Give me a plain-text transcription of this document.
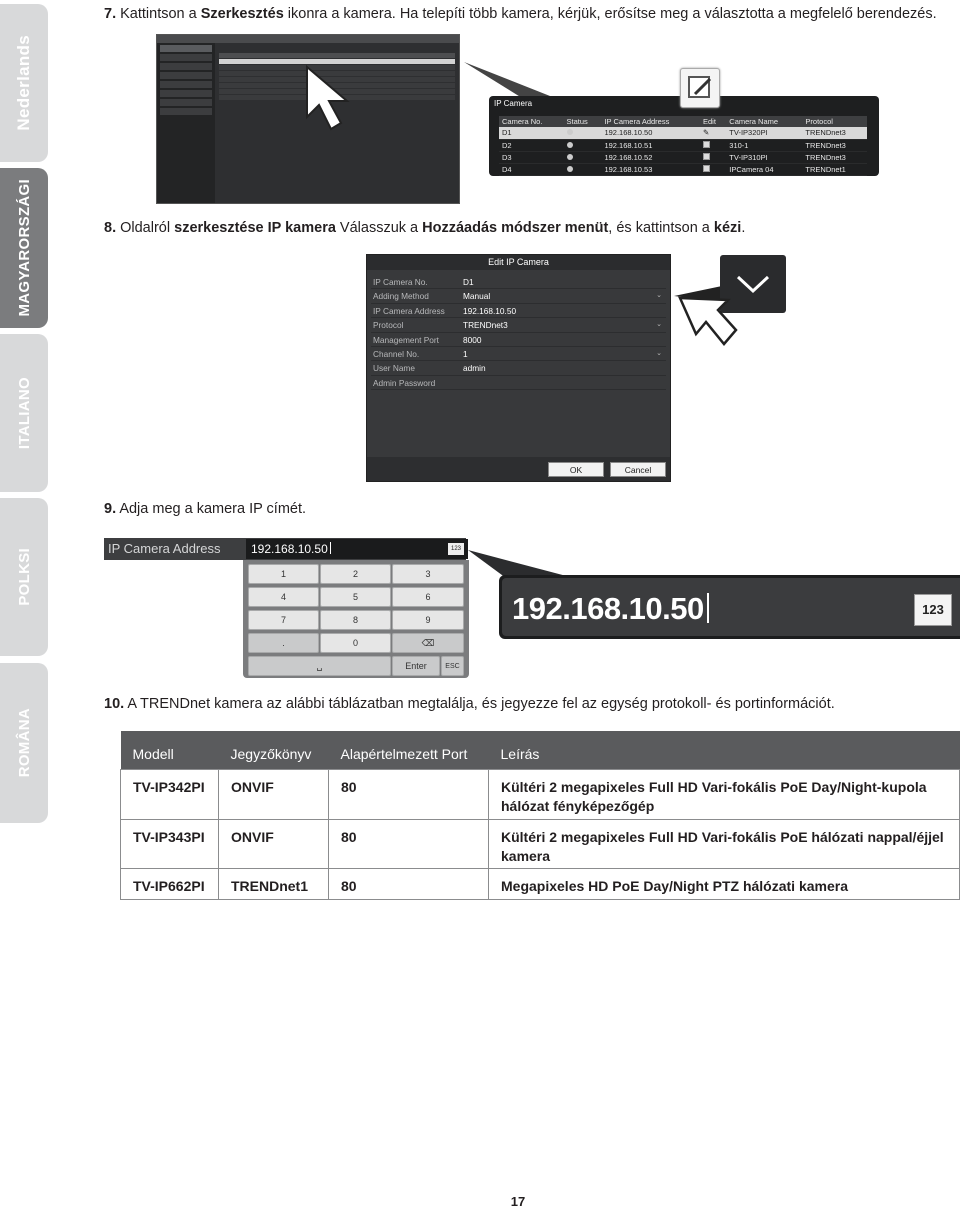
Nederlands
MAGYARORSZÁGI
ITALIANO
POLKSI
ROMÂNA
7. Kattintson a Szerkesztés ikonra a kamera. Ha telepíti több kamera, kérjük, erősítse meg a választotta a megfelelő berendezés.
IP Camera
Camera No.	Status	IP Camera Address	Edit	Camera Name	Protocol
D1		192.168.10.50	✎	TV-IP320PI	TRENDnet3
D2		192.168.10.51		310-1	TRENDnet3
D3		192.168.10.52		TV-IP310PI	TRENDnet3
D4		192.168.10.53		IPCamera 04	TRENDnet1
8. Oldalról szerkesztése IP kamera Válasszuk a Hozzáadás módszer menüt, és kattintson a kézi.
Edit IP Camera
IP Camera No.	D1
Adding Method	Manual	⌄
IP Camera Address	192.168.10.50
Protocol	TRENDnet3	⌄
Management Port	8000
Channel No.	1	⌄
User Name	admin
Admin Password
OK	Cancel
9. Adja meg a kamera IP címét.
IP Camera Address	192.168.10.50	123
1	2	3
4	5	6
7	8	9
.	0	⌫
␣	Enter	ESC
192.168.10.50	123
10. A TRENDnet kamera az alábbi táblázatban megtalálja, és jegyezze fel az egység protokoll- és portinformációt.
Modell	Jegyzőkönyv	Alapértelmezett Port	Leírás
TV-IP342PI	ONVIF	80	Kültéri 2 megapixeles Full HD Vari-fokális PoE Day/Night-kupola hálózat fényképezőgép
TV-IP343PI	ONVIF	80	Kültéri 2 megapixeles Full HD Vari-fokális PoE hálózati nappal/éjjel kamera
TV-IP662PI	TRENDnet1	80	Megapixeles HD PoE Day/Night PTZ hálózati kamera
17
